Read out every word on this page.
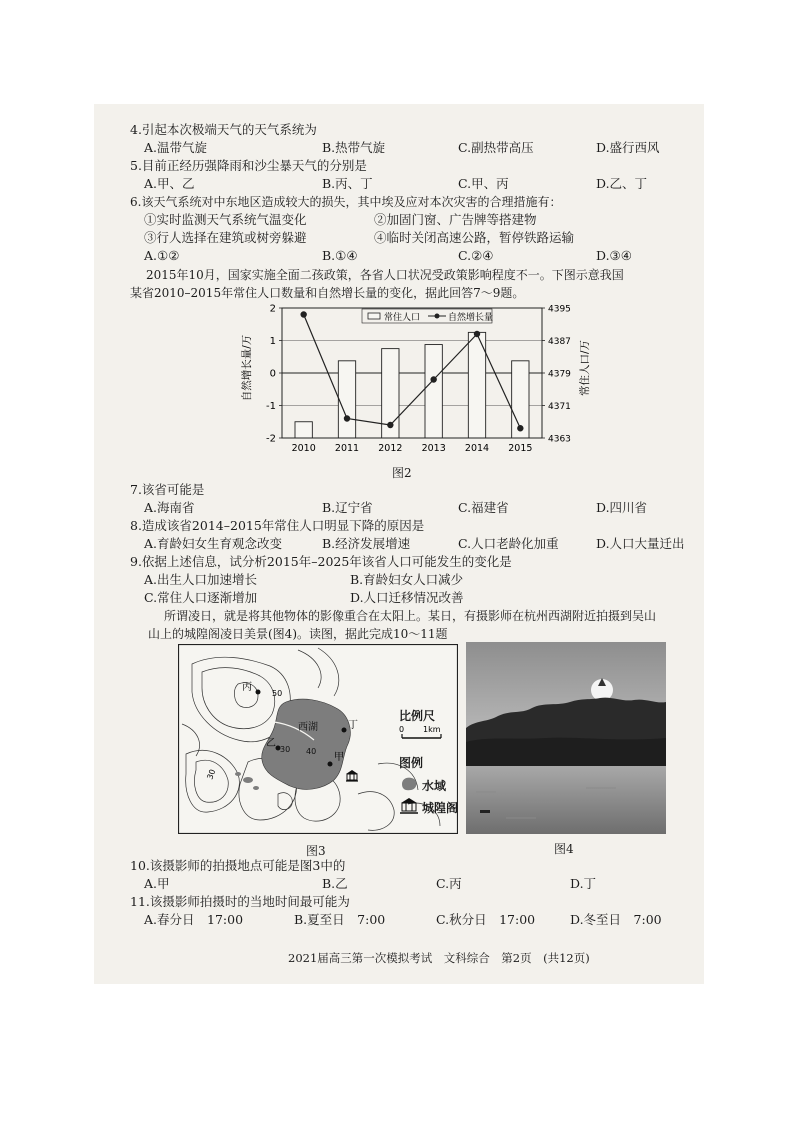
4.引起本次极端天气的天气系统为
A.温带气旋	B.热带气旋	C.副热带高压	D.盛行西风
5.目前正经历强降雨和沙尘暴天气的分别是
A.甲、乙	B.丙、丁	C.甲、丙	D.乙、丁
6.该天气系统对中东地区造成较大的损失，其中埃及应对本次灾害的合理措施有：
①实时监测天气系统气温变化	②加固门窗、广告牌等搭建物
③行人选择在建筑或树旁躲避	④临时关闭高速公路，暂停铁路运输
A.①②	B.①④	C.②④	D.③④
2015年10月，国家实施全面二孩政策，各省人口状况受政策影响程度不一。下图示意我国
某省2010–2015年常住人口数量和自然增长量的变化，据此回答7～9题。
2
1
0
-1
-2
4395
4387
4379
4371
4363
2010 2011 2012 2013 2014 2015
自然增长量/万	常住人口/万
常住人口	自然增长量
图2
7.该省可能是
A.海南省	B.辽宁省	C.福建省	D.四川省
8.造成该省2014–2015年常住人口明显下降的原因是
A.育龄妇女生育观念改变	B.经济发展增速	C.人口老龄化加重	D.人口大量迁出
9.依据上述信息，试分析2015年–2025年该省人口可能发生的变化是
A.出生人口加速增长	B.育龄妇女人口减少
C.常住人口逐渐增加	D.人口迁移情况改善
所谓凌日，就是将其他物体的影像重合在太阳上。某日，有摄影师在杭州西湖附近拍摄到吴山
山上的城隍阁凌日美景(图4)。读图，据此完成10～11题
50
30
30 40
丙
西湖	丁
乙
甲
比例尺
0 1km
图例
水域
城隍阁
图3	图4
10.该摄影师的拍摄地点可能是图3中的
A.甲	B.乙	C.丙	D.丁
11.该摄影师拍摄时的当地时间最可能为
A.春分日　17:00	B.夏至日　7:00	C.秋分日　17:00	D.冬至日　7:00
2021届高三第一次模拟考试　文科综合　第2页　(共12页)
